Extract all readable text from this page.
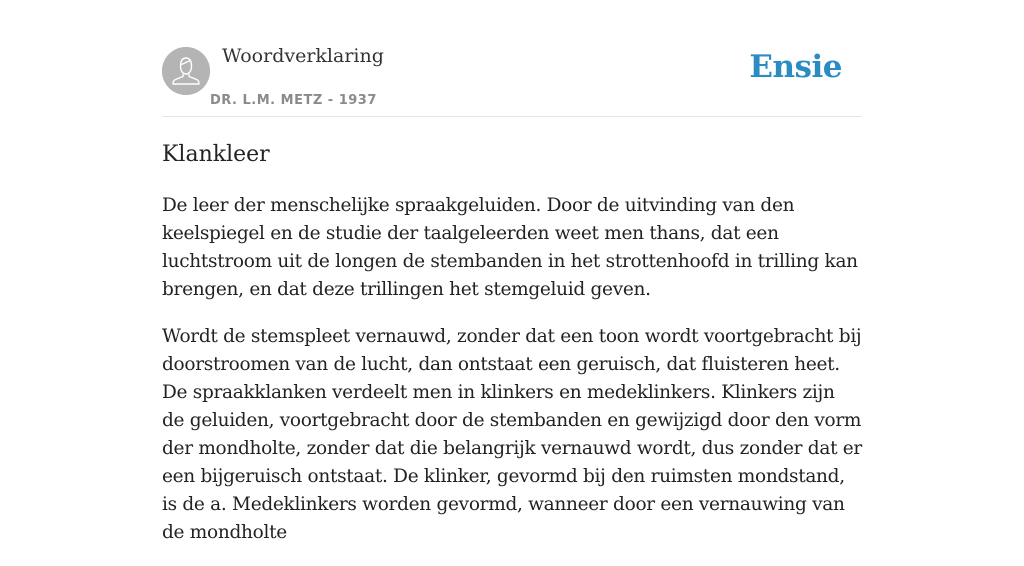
Woordverklaring
DR. L.M. METZ - 1937
Ensie
Klankleer

De leer der menschelijke spraakgeluiden. Door de uitvinding van den keelspiegel en de studie der taalgeleerden weet men thans, dat een luchtstroom uit de longen de stembanden in het strottenhoofd in trilling kan brengen, en dat deze trillingen het stemgeluid geven.

Wordt de stemspleet vernauwd, zonder dat een toon wordt voortgebracht bij doorstroomen van de lucht, dan ontstaat een geruisch, dat fluisteren heet. De spraakklanken verdeelt men in klinkers en medeklinkers. Klinkers zijn de geluiden, voortgebracht door de stembanden en gewijzigd door den vorm der mondholte, zonder dat die belangrijk vernauwd wordt, dus zonder dat er een bijgeruisch ontstaat. De klinker, gevormd bij den ruimsten mondstand, is de a. Medeklinkers worden gevormd, wanneer door een vernauwing van de mondholte
